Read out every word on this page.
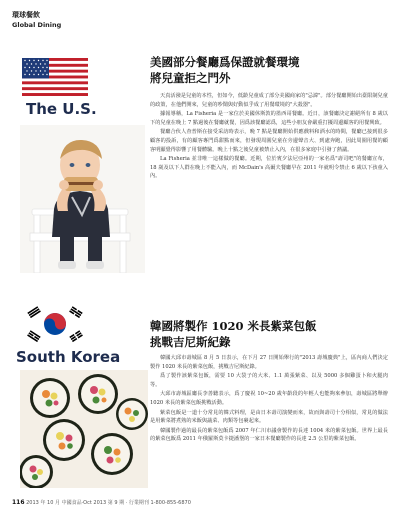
環球餐飲
Global Dining
The U.S.
美國部分餐廳爲保證就餐環境
將兒童拒之門外

天真活潑是兒童的本性，但如今，低齡兒童成了部分美國商家的"忌諱"。部分餐廳開始出臺限制兒童的政策，在他們開來，兒童的吵鬧與好動似乎成了用餐環境的"大殺器"。

據報導稱，La Fisheria 是一家位於美國休斯敦的墨西哥餐廳。近日，該餐廳決定謝絕所有 8 歲以下的兒童在晚上 7 點過後在餐廳就餐，因爲該餐廳認爲，這些小朋友會嚴重打擾周邊顧客的用餐興致。

餐廳合伙人查普斯在接受采訪時表示，晚 7 點是餐廳開始供應戲料和酒水的時間，餐廳已接到很多顧客的投訴，有的顧客專門爲甜點而來，但發現周圍兒童在旁邊聲音大、到處奔跑，因此周圍用餐的顧客明顯覺得影響了用餐體驗。晚上十點之後兒童被禁止入內，在很多家庭中引發了熱議。

La Fisheria 並非唯一這樣做的餐廳。近期，位於賓夕法尼亞州的一家名爲"壽司吧"的餐廳宣布，18 歲及以下人群在晚上不能入內，而 McDain's 高爾夫餐廳早在 2011 年就明令禁止 6 歲以下孩童入內。

South Korea
韓國將製作 1020 米長紫菜包飯
挑戰吉尼斯紀錄

韓國大邱市壽城區 8 月 5 日表示，在下月 27 日開始舉行的"2013 壽城慶典"上，區內商人們決定製作 1020 米長的紫菜包飯，挑戰吉尼斯紀錄。

爲了製作該紫菜包飯，需要 10 大袋子的大米、1.1 萬張紫菜、以及 5000 多個雞蛋卜和火腿肉等。

大邱市壽城區廳長李善聽表示，爲了慶祝 10~20 歲年齡段的年輕人也能夠來參加，壽城區將舉辦 1020 米長的紫菜包飯挑戰活動。

紫菜包飯是一道十分常見的韓式料理，是由日本壽司演變而來，故而與壽司十分相似，常見的做法是用紫菜將煮熟的米飯與蔬菜、肉類等包裹起來。

韓國製作過的最長的紫菜包飯爲 2007 年仁川市議會製作的長達 1004 米的紫菜包飯。世界上最長的紫菜包飯爲 2011 年俄羅斯莫卡捷潘堡的一家日本餐廳製作的長達 2.5 公里的紫菜包飯。

116 2013 年 10 月 中國食品·Oct 2013 第 9 期 · 行業期刊 1-800-855-6870
